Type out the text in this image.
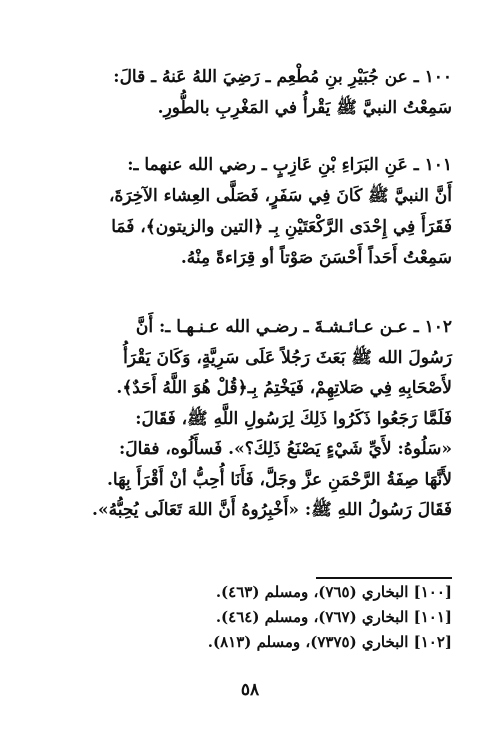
١٠٠ ـ عن جُبَيْرِ بنِ مُطْعِم ـ رَضِيَ اللهُ عَنهُ ـ قالَ:

سَمِعْتُ النبيَّ ﷺ يَقْرأُ في المَغْرِبِ بالطُّورِ.

١٠١ ـ عَنِ البَرَاءِ بْنِ عَازِبٍ ـ رضي الله عنهما ـ:

أَنَّ النبيَّ ﷺ كَانَ فِي سَفَرٍ، فَصَلَّى العِشاء الآخِرَةَ،

فَقَرَأَ فِي إِحْدَى الرَّكْعَتَيْنِ بِـ ﴿التين والزيتون﴾، فَمَا

سَمِعْتُ أَحَداً أَحْسَنَ صَوْتاً أو قِرَاءةً مِنْهُ.

١٠٢ ـ عـن عـائـشـةَ ـ رضـي الله عـنـهـا ـ: أَنَّ

رَسُولَ الله ﷺ بَعَثَ رَجُلاً عَلَى سَرِيَّةٍ، وَكَانَ يَقْرَأُ

لأَصْحَابِهِ فِي صَلاتِهِمْ، فَيَخْتِمُ بِـ﴿قُلْ هُوَ اللَّهُ أَحَدٌ﴾.

فَلَمَّا رَجَعُوا ذَكَرُوا ذَلِكَ لِرَسُولِ اللَّهِ ﷺ، فَقَالَ:

«سَلُوهُ: لأَيِّ شَيْءٍ يَصْنَعُ ذَلِكَ؟». فَسأَلُوه، فقالَ:

لأَنَّهَا صِفَةُ الرَّحْمَنِ عزَّ وجَلَّ، فَأَنَا أُحِبُّ أنْ أَقْرَأَ بِهَا.

فَقَالَ رَسُولُ اللهِ ﷺ: «أَخْبِرُوهُ أَنَّ اللهَ تَعَالَى يُحِبُّهُ».

[١٠٠] البخاري (٧٦٥)، ومسلم (٤٦٣).
[١٠١] البخاري (٧٦٧)، ومسلم (٤٦٤).
[١٠٢] البخاري (٧٣٧٥)، ومسلم (٨١٣).
٥٨
